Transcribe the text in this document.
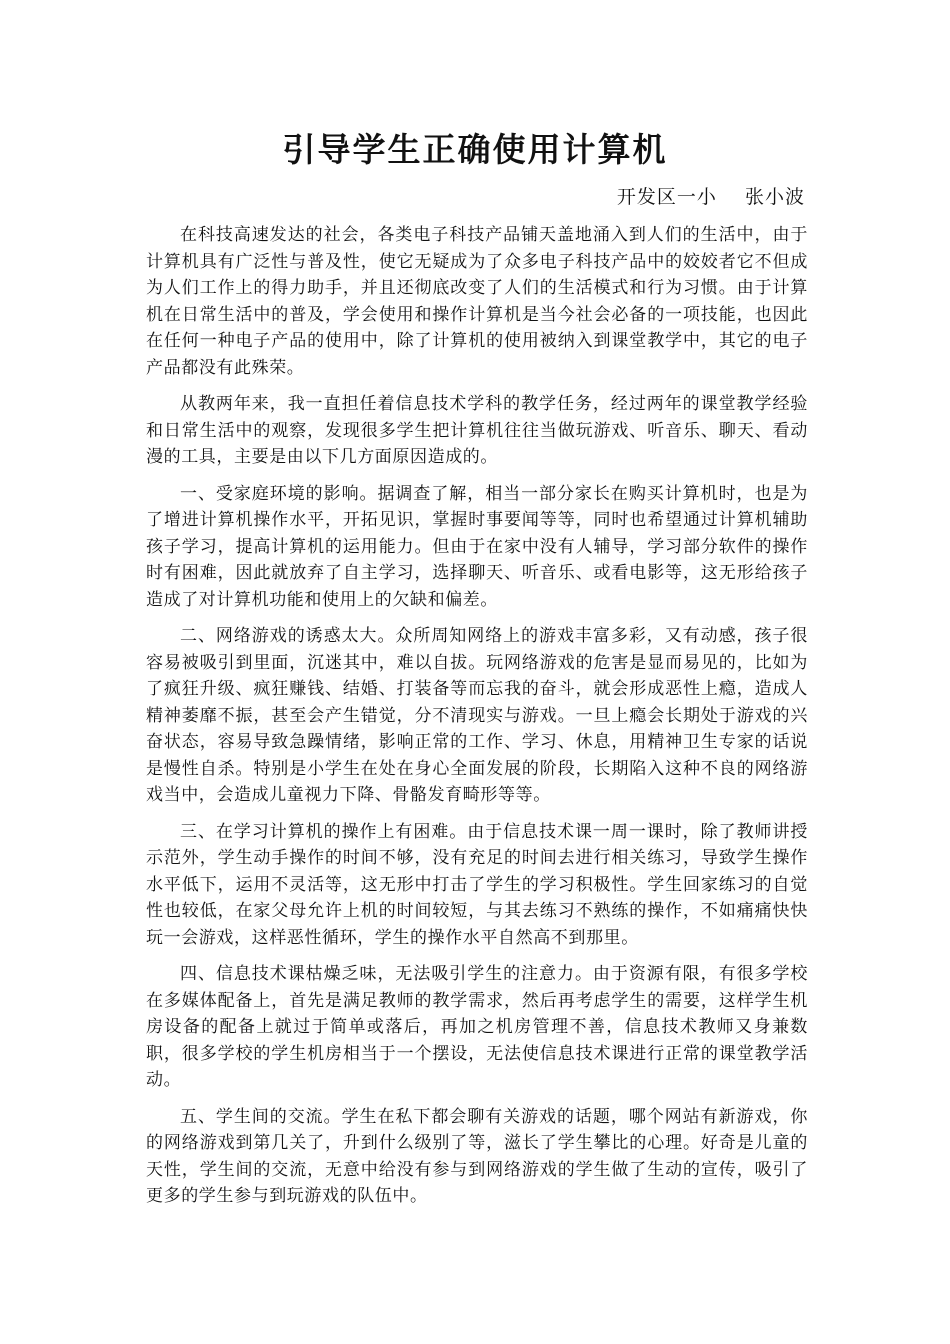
引导学生正确使用计算机
开发区一小    张小波

在科技高速发达的社会，各类电子科技产品铺天盖地涌入到人们的生活中，由于计算机具有广泛性与普及性，使它无疑成为了众多电子科技产品中的姣姣者它不但成为人们工作上的得力助手，并且还彻底改变了人们的生活模式和行为习惯。由于计算机在日常生活中的普及，学会使用和操作计算机是当今社会必备的一项技能，也因此在任何一种电子产品的使用中，除了计算机的使用被纳入到课堂教学中，其它的电子产品都没有此殊荣。

从教两年来，我一直担任着信息技术学科的教学任务，经过两年的课堂教学经验和日常生活中的观察，发现很多学生把计算机往往当做玩游戏、听音乐、聊天、看动漫的工具，主要是由以下几方面原因造成的。

一、受家庭环境的影响。据调查了解，相当一部分家长在购买计算机时，也是为了增进计算机操作水平，开拓见识，掌握时事要闻等等，同时也希望通过计算机辅助孩子学习，提高计算机的运用能力。但由于在家中没有人辅导，学习部分软件的操作时有困难，因此就放弃了自主学习，选择聊天、听音乐、或看电影等，这无形给孩子造成了对计算机功能和使用上的欠缺和偏差。

二、网络游戏的诱惑太大。众所周知网络上的游戏丰富多彩，又有动感，孩子很容易被吸引到里面，沉迷其中，难以自拔。玩网络游戏的危害是显而易见的，比如为了疯狂升级、疯狂赚钱、结婚、打装备等而忘我的奋斗，就会形成恶性上瘾，造成人精神萎靡不振，甚至会产生错觉，分不清现实与游戏。一旦上瘾会长期处于游戏的兴奋状态，容易导致急躁情绪，影响正常的工作、学习、休息，用精神卫生专家的话说是慢性自杀。特别是小学生在处在身心全面发展的阶段，长期陷入这种不良的网络游戏当中，会造成儿童视力下降、骨骼发育畸形等等。

三、在学习计算机的操作上有困难。由于信息技术课一周一课时，除了教师讲授示范外，学生动手操作的时间不够，没有充足的时间去进行相关练习，导致学生操作水平低下，运用不灵活等，这无形中打击了学生的学习积极性。学生回家练习的自觉性也较低，在家父母允许上机的时间较短，与其去练习不熟练的操作，不如痛痛快快玩一会游戏，这样恶性循环，学生的操作水平自然高不到那里。

四、信息技术课枯燥乏味，无法吸引学生的注意力。由于资源有限，有很多学校在多媒体配备上，首先是满足教师的教学需求，然后再考虑学生的需要，这样学生机房设备的配备上就过于简单或落后，再加之机房管理不善，信息技术教师又身兼数职，很多学校的学生机房相当于一个摆设，无法使信息技术课进行正常的课堂教学活动。

五、学生间的交流。学生在私下都会聊有关游戏的话题，哪个网站有新游戏，你的网络游戏到第几关了，升到什么级别了等，滋长了学生攀比的心理。好奇是儿童的天性，学生间的交流，无意中给没有参与到网络游戏的学生做了生动的宣传，吸引了更多的学生参与到玩游戏的队伍中。
